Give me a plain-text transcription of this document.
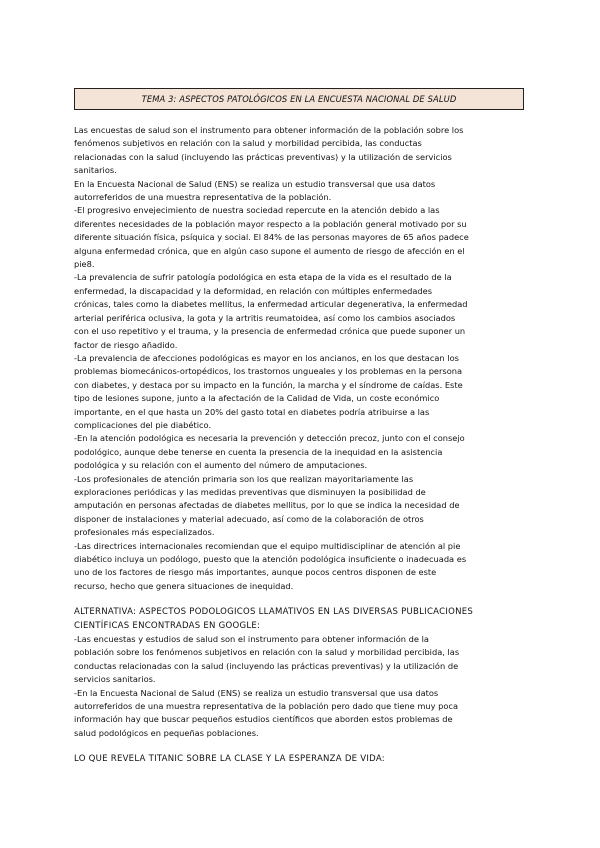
TEMA 3: ASPECTOS PATOLÓGICOS EN LA ENCUESTA NACIONAL DE SALUD

Las encuestas de salud son el instrumento para obtener información de la población sobre los
fenómenos subjetivos en relación con la salud y morbilidad percibida, las conductas
relacionadas con la salud (incluyendo las prácticas preventivas) y la utilización de servicios
sanitarios.

En la Encuesta Nacional de Salud (ENS) se realiza un estudio transversal que usa datos
autorreferidos de una muestra representativa de la población.

-El progresivo envejecimiento de nuestra sociedad repercute en la atención debido a las
diferentes necesidades de la población mayor respecto a la población general motivado por su
diferente situación física, psíquica y social. El 84% de las personas mayores de 65 años padece
alguna enfermedad crónica, que en algún caso supone el aumento de riesgo de afección en el
pie8.

-La prevalencia de sufrir patología podológica en esta etapa de la vida es el resultado de la
enfermedad, la discapacidad y la deformidad, en relación con múltiples enfermedades
crónicas, tales como la diabetes mellitus, la enfermedad articular degenerativa, la enfermedad
arterial periférica oclusiva, la gota y la artritis reumatoidea, así como los cambios asociados
con el uso repetitivo y el trauma, y la presencia de enfermedad crónica que puede suponer un
factor de riesgo añadido.

-La prevalencia de afecciones podológicas es mayor en los ancianos, en los que destacan los
problemas biomecánicos-ortopédicos, los trastornos ungueales y los problemas en la persona
con diabetes, y destaca por su impacto en la función, la marcha y el síndrome de caídas. Este
tipo de lesiones supone, junto a la afectación de la Calidad de Vida, un coste económico
importante, en el que hasta un 20% del gasto total en diabetes podría atribuirse a las
complicaciones del pie diabético.

-En la atención podológica es necesaria la prevención y detección precoz, junto con el consejo
podológico, aunque debe tenerse en cuenta la presencia de la inequidad en la asistencia
podológica y su relación con el aumento del número de amputaciones.

-Los profesionales de atención primaria son los que realizan mayoritariamente las
exploraciones periódicas y las medidas preventivas que disminuyen la posibilidad de
amputación en personas afectadas de diabetes mellitus, por lo que se indica la necesidad de
disponer de instalaciones y material adecuado, así como de la colaboración de otros
profesionales más especializados.

-Las directrices internacionales recomiendan que el equipo multidisciplinar de atención al pie
diabético incluya un podólogo, puesto que la atención podológica insuficiente o inadecuada es
uno de los factores de riesgo más importantes, aunque pocos centros disponen de este
recurso, hecho que genera situaciones de inequidad.

ALTERNATIVA: ASPECTOS PODOLOGICOS LLAMATIVOS EN LAS DIVERSAS PUBLICACIONES
CIENTÍFICAS ENCONTRADAS EN GOOGLE:

-Las encuestas y estudios de salud son el instrumento para obtener información de la
población sobre los fenómenos subjetivos en relación con la salud y morbilidad percibida, las
conductas relacionadas con la salud (incluyendo las prácticas preventivas) y la utilización de
servicios sanitarios.

-En la Encuesta Nacional de Salud (ENS) se realiza un estudio transversal que usa datos
autorreferidos de una muestra representativa de la población pero dado que tiene muy poca
información hay que buscar pequeños estudios científicos que aborden estos problemas de
salud podológicos en pequeñas poblaciones.

LO QUE REVELA TITANIC SOBRE LA CLASE Y LA ESPERANZA DE VIDA:
